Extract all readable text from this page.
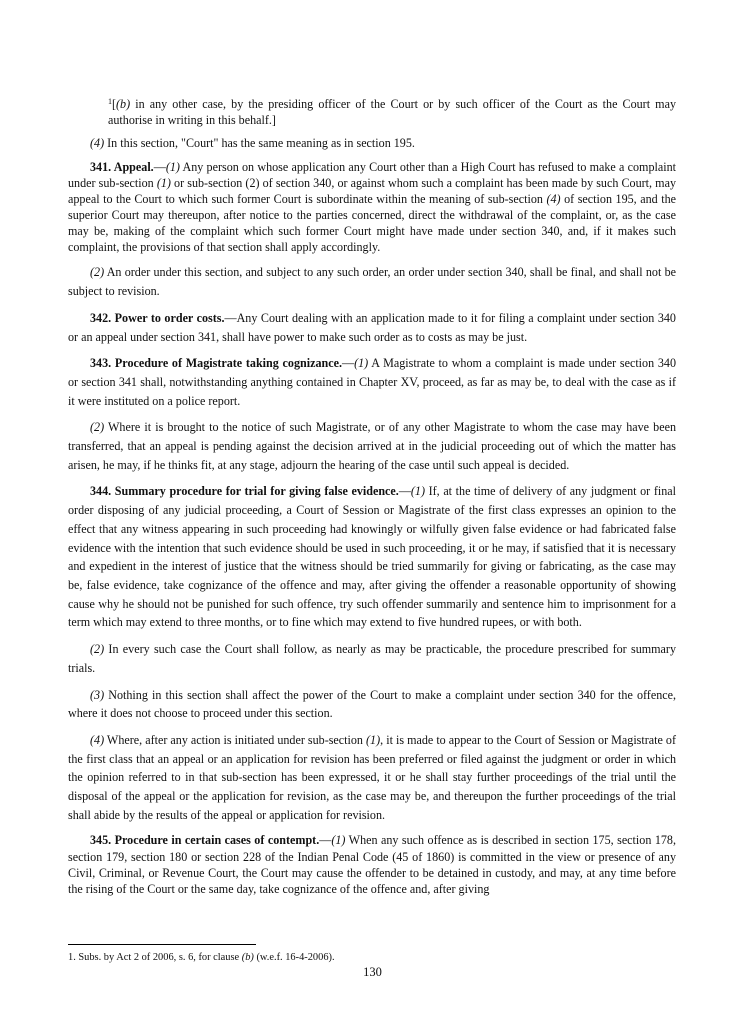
$^1$[(b) in any other case, by the presiding officer of the Court or by such officer of the Court as the Court may authorise in writing in this behalf.]

(4) In this section, "Court" has the same meaning as in section 195.

341. Appeal.—(1) Any person on whose application any Court other than a High Court has refused to make a complaint under sub-section (1) or sub-section (2) of section 340, or against whom such a complaint has been made by such Court, may appeal to the Court to which such former Court is subordinate within the meaning of sub-section (4) of section 195, and the superior Court may thereupon, after notice to the parties concerned, direct the withdrawal of the complaint, or, as the case may be, making of the complaint which such former Court might have made under section 340, and, if it makes such complaint, the provisions of that section shall apply accordingly.

(2) An order under this section, and subject to any such order, an order under section 340, shall be final, and shall not be subject to revision.

342. Power to order costs.—Any Court dealing with an application made to it for filing a complaint under section 340 or an appeal under section 341, shall have power to make such order as to costs as may be just.

343. Procedure of Magistrate taking cognizance.—(1) A Magistrate to whom a complaint is made under section 340 or section 341 shall, notwithstanding anything contained in Chapter XV, proceed, as far as may be, to deal with the case as if it were instituted on a police report.

(2) Where it is brought to the notice of such Magistrate, or of any other Magistrate to whom the case may have been transferred, that an appeal is pending against the decision arrived at in the judicial proceeding out of which the matter has arisen, he may, if he thinks fit, at any stage, adjourn the hearing of the case until such appeal is decided.

344. Summary procedure for trial for giving false evidence.—(1) If, at the time of delivery of any judgment or final order disposing of any judicial proceeding, a Court of Session or Magistrate of the first class expresses an opinion to the effect that any witness appearing in such proceeding had knowingly or wilfully given false evidence or had fabricated false evidence with the intention that such evidence should be used in such proceeding, it or he may, if satisfied that it is necessary and expedient in the interest of justice that the witness should be tried summarily for giving or fabricating, as the case may be, false evidence, take cognizance of the offence and may, after giving the offender a reasonable opportunity of showing cause why he should not be punished for such offence, try such offender summarily and sentence him to imprisonment for a term which may extend to three months, or to fine which may extend to five hundred rupees, or with both.

(2) In every such case the Court shall follow, as nearly as may be practicable, the procedure prescribed for summary trials.

(3) Nothing in this section shall affect the power of the Court to make a complaint under section 340 for the offence, where it does not choose to proceed under this section.

(4) Where, after any action is initiated under sub-section (1), it is made to appear to the Court of Session or Magistrate of the first class that an appeal or an application for revision has been preferred or filed against the judgment or order in which the opinion referred to in that sub-section has been expressed, it or he shall stay further proceedings of the trial until the disposal of the appeal or the application for revision, as the case may be, and thereupon the further proceedings of the trial shall abide by the results of the appeal or application for revision.

345. Procedure in certain cases of contempt.—(1) When any such offence as is described in section 175, section 178, section 179, section 180 or section 228 of the Indian Penal Code (45 of 1860) is committed in the view or presence of any Civil, Criminal, or Revenue Court, the Court may cause the offender to be detained in custody, and may, at any time before the rising of the Court or the same day, take cognizance of the offence and, after giving

1. Subs. by Act 2 of 2006, s. 6, for clause (b) (w.e.f. 16-4-2006).
130
